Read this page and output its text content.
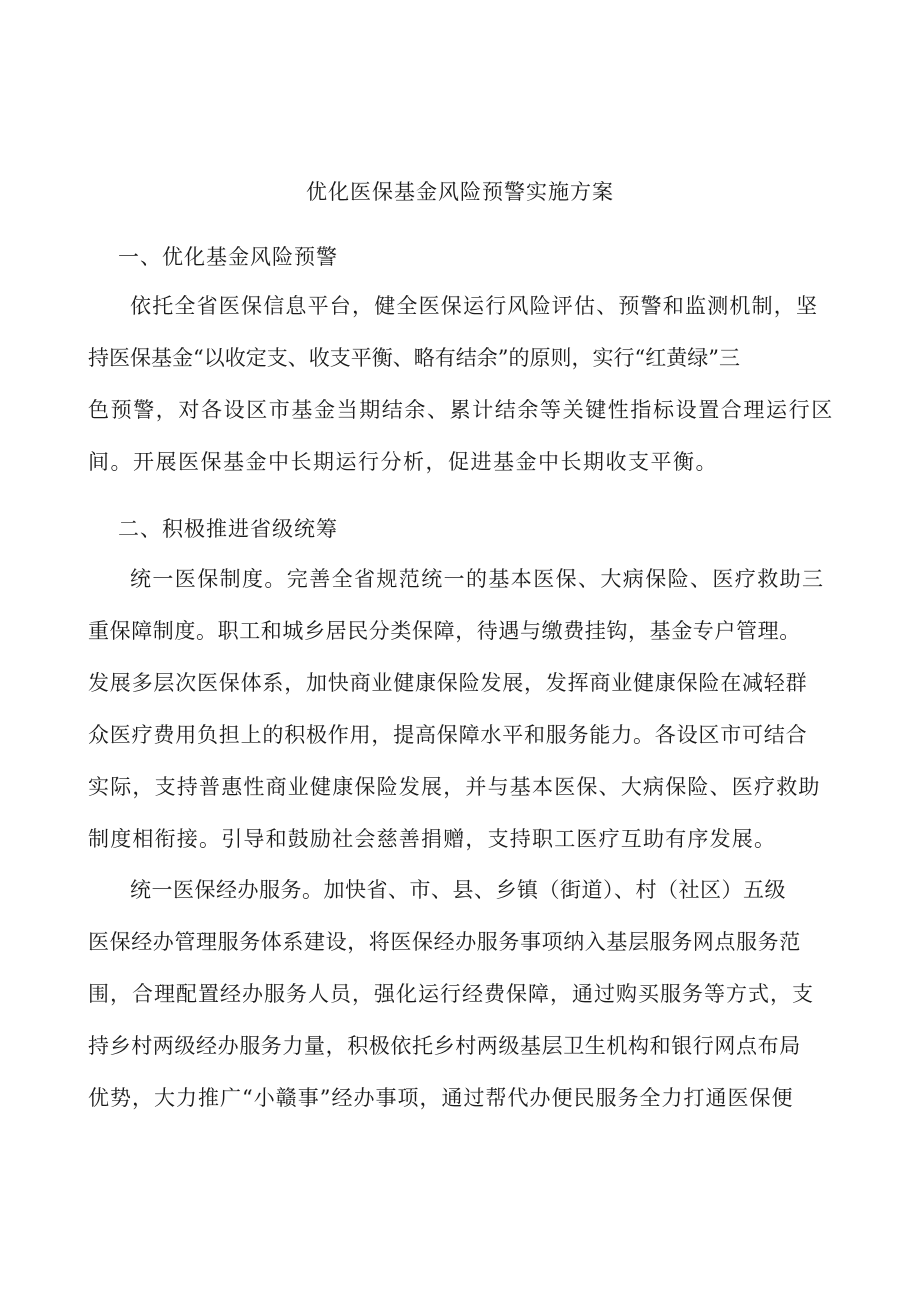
优化医保基金风险预警实施方案
一、优化基金风险预警
依托全省医保信息平台，健全医保运行风险评估、预警和监测机制，坚
持医保基金“以收定支、收支平衡、略有结余”的原则，实行“红黄绿”三
色预警，对各设区市基金当期结余、累计结余等关键性指标设置合理运行区
间。开展医保基金中长期运行分析，促进基金中长期收支平衡。
二、积极推进省级统筹
统一医保制度。完善全省规范统一的基本医保、大病保险、医疗救助三
重保障制度。职工和城乡居民分类保障，待遇与缴费挂钩，基金专户管理。
发展多层次医保体系，加快商业健康保险发展，发挥商业健康保险在减轻群
众医疗费用负担上的积极作用，提高保障水平和服务能力。各设区市可结合
实际，支持普惠性商业健康保险发展，并与基本医保、大病保险、医疗救助
制度相衔接。引导和鼓励社会慈善捐赠，支持职工医疗互助有序发展。
统一医保经办服务。加快省、市、县、乡镇（街道）、村（社区）五级
医保经办管理服务体系建设，将医保经办服务事项纳入基层服务网点服务范
围，合理配置经办服务人员，强化运行经费保障，通过购买服务等方式，支
持乡村两级经办服务力量，积极依托乡村两级基层卫生机构和银行网点布局
优势，大力推广“小赣事”经办事项，通过帮代办便民服务全力打通医保便
